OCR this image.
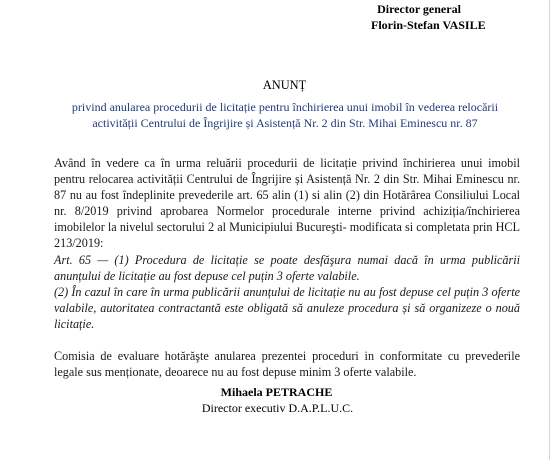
Director general
Florin-Stefan VASILE
ANUNȚ
privind anularea procedurii de licitație pentru închirierea unui imobil în vederea relocării activității Centrului de Îngrijire și Asistență Nr. 2 din Str. Mihai Eminescu nr. 87

Având în vedere ca în urma reluării procedurii de licitație privind închirierea unui imobil pentru relocarea activității Centrului de Îngrijire și Asistență Nr. 2 din Str. Mihai Eminescu nr. 87 nu au fost îndeplinite prevederile art. 65 alin (1) si alin (2) din Hotărârea Consiliului Local nr. 8/2019 privind aprobarea Normelor procedurale interne privind achiziția/închirierea imobilelor la nivelul sectorului 2 al Municipiului Bucureşti- modificata si completata prin HCL 213/2019:

Art. 65 — (1) Procedura de licitație se poate desfăşura numai dacă în urma publicării anunțului de licitație au fost depuse cel puțin 3 oferte valabile.

(2) În cazul în care în urma publicării anunțului de licitație nu au fost depuse cel puțin 3 oferte valabile, autoritatea contractantă este obligată să anuleze procedura și să organizeze o nouă licitație.

Comisia de evaluare hotărăşte anularea prezentei proceduri in conformitate cu prevederile legale sus menționate, deoarece nu au fost depuse minim 3 oferte valabile.

Mihaela PETRACHE
Director executiv D.A.P.L.U.C.
